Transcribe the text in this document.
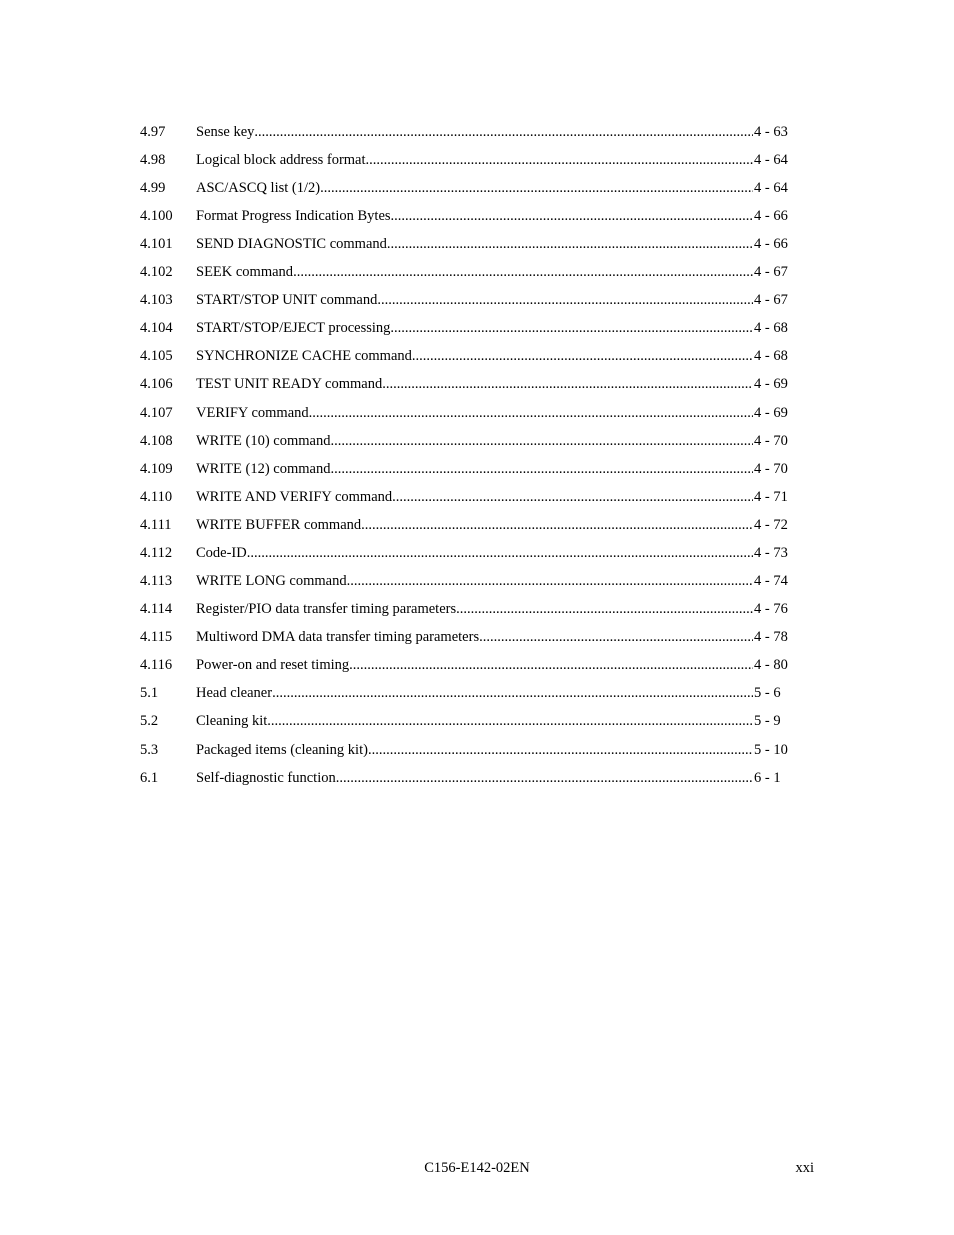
4.97	Sense key .....	4 - 63
4.98	Logical block address format .....	4 - 64
4.99	ASC/ASCQ list (1/2) .....	4 - 64
4.100	Format Progress Indication Bytes .....	4 - 66
4.101	SEND DIAGNOSTIC command .....	4 - 66
4.102	SEEK command .....	4 - 67
4.103	START/STOP UNIT command .....	4 - 67
4.104	START/STOP/EJECT processing .....	4 - 68
4.105	SYNCHRONIZE CACHE command .....	4 - 68
4.106	TEST UNIT READY command .....	4 - 69
4.107	VERIFY command .....	4 - 69
4.108	WRITE (10) command .....	4 - 70
4.109	WRITE (12) command .....	4 - 70
4.110	WRITE AND VERIFY command .....	4 - 71
4.111	WRITE BUFFER command .....	4 - 72
4.112	Code-ID .....	4 - 73
4.113	WRITE LONG command .....	4 - 74
4.114	Register/PIO data transfer timing parameters .....	4 - 76
4.115	Multiword DMA data transfer timing parameters .....	4 - 78
4.116	Power-on and reset timing .....	4 - 80
5.1	Head cleaner .....	5 - 6
5.2	Cleaning kit .....	5 - 9
5.3	Packaged items (cleaning kit) .....	5 - 10
6.1	Self-diagnostic function .....	6 - 1
C156-E142-02EN	xxi
